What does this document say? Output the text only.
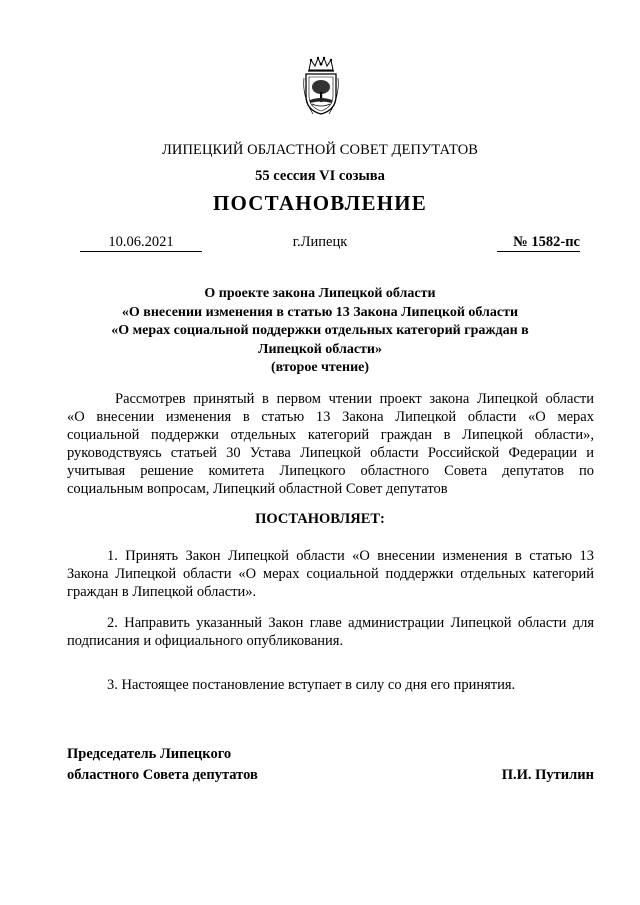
ЛИПЕЦКИЙ ОБЛАСТНОЙ СОВЕТ ДЕПУТАТОВ
55 сессия VI созыва
ПОСТАНОВЛЕНИЕ
10.06.2021	г.Липецк	№ 1582-пс
О проекте закона Липецкой области
«О внесении изменения в статью 13 Закона Липецкой области
«О мерах социальной поддержки отдельных категорий граждан в
Липецкой области»
(второе чтение)
Рассмотрев принятый в первом чтении проект закона Липецкой области
«О внесении изменения в статью 13 Закона Липецкой области «О мерах
социальной поддержки отдельных категорий граждан в Липецкой области»,
руководствуясь статьей 30 Устава Липецкой области Российской Федерации и
учитывая решение комитета Липецкого областного Совета депутатов по
социальным вопросам, Липецкий областной Совет депутатов
ПОСТАНОВЛЯЕТ:
1. Принять Закон Липецкой области «О внесении изменения в статью 13
Закона Липецкой области «О мерах социальной поддержки отдельных категорий
граждан в Липецкой области».
2. Направить указанный Закон главе администрации Липецкой области для
подписания и официального опубликования.
3. Настоящее постановление вступает в силу со дня его принятия.
Председатель Липецкого
областного Совета депутатов	П.И. Путилин
